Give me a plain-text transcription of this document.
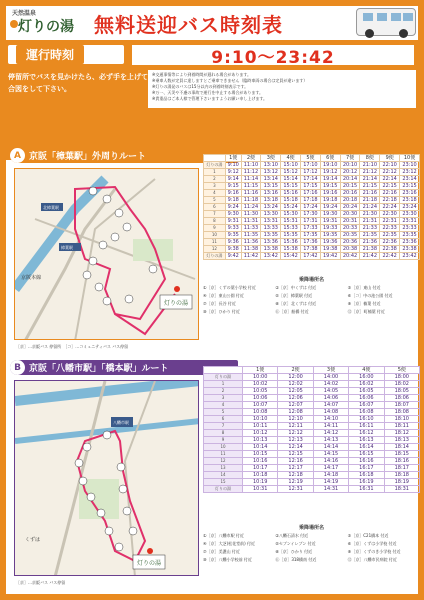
天然温泉
灯りの湯 無料送迎バス時刻表
運行時刻	9:10〜23:42
停留所でバスを見かけたら、必ず手を上げて合図をして下さい。
※交通事情等により到着時間が遅れる場合があります。
※乗車人数が定員に達しますとご乗車できません（臨時車両の場合は定員が違います）
※灯りの湯発のバスは15分以内の到着時刻表示です。
※万一、天災や不慮の事故で運行を中止する場合があります。
※貴重品はご本人様で管理下さいますようお願い申し上げます。
A 京阪「樟葉駅」外周りルート
灯りの湯
北樟葉駅
樟葉駅
京阪本線
［京］…京阪バス 停留所　［コ］…コミュニティバス バス停留
	1便	2便	3便	4便	5便	6便	7便	8便	9便	10便
灯りの湯	9:10	11:10	13:10	15:10	17:10	19:10	20:10	21:10	22:10	23:10
1	9:12	11:12	13:12	15:12	17:12	19:12	20:12	21:12	22:12	23:12
2	9:14	11:14	13:14	15:14	17:14	19:14	20:14	21:14	22:14	23:14
3	9:15	11:15	13:15	15:15	17:15	19:15	20:15	21:15	22:15	23:15
4	9:16	11:16	13:16	15:16	17:16	19:16	20:16	21:16	22:16	23:16
5	9:18	11:18	13:18	15:18	17:18	19:18	20:18	21:18	22:18	23:18
6	9:24	11:24	13:24	15:24	17:24	19:24	20:24	21:24	22:24	23:24
7	9:30	11:30	13:30	15:30	17:30	19:30	20:30	21:30	22:30	23:30
8	9:31	11:31	13:31	15:31	17:31	19:31	20:31	21:31	22:31	23:31
9	9:33	11:33	13:33	15:33	17:33	19:33	20:33	21:33	22:33	23:33
10	9:35	11:35	13:35	15:35	17:35	19:35	20:35	21:35	22:35	23:35
11	9:36	11:36	13:36	15:36	17:36	19:36	20:36	21:36	22:36	23:36
12	9:38	11:38	13:38	15:38	17:38	19:38	20:38	21:38	22:38	23:38
灯りの湯	9:42	11:42	13:42	15:42	17:42	19:42	20:42	21:42	22:42	23:42
乗降場所名
①［京］くずの葉小学校 付近	②［京］中くずは 付近	③［京］東山 付近
④［京］東山公園 付近	⑤［京］樟葉駅 付近	⑥［コ］中の池公園 付近
⑦［京］長谷 付近	⑧［京］北くずは 付近	⑨［京］楠葉 付近
⑩［京］ひかり 付近	⑪［京］船橋 付近	⑫［京］町楠葉 付近
B 京阪「八幡市駅」「橋本駅」ルート
八幡市駅
灯りの湯
くずは
［京］…京阪バス バス停留
	1便	2便	3便	4便	5便
灯りの湯	10:00	12:00	14:00	16:00	18:00
1	10:02	12:02	14:02	16:02	18:02
2	10:05	12:05	14:05	16:05	18:05
3	10:06	12:06	14:06	16:06	18:06
4	10:07	12:07	14:07	16:07	18:07
5	10:08	12:08	14:08	16:08	18:08
6	10:10	12:10	14:10	16:10	18:10
7	10:11	12:11	14:11	16:11	18:11
8	10:12	12:12	14:12	16:12	18:12
9	10:13	12:13	14:13	16:13	18:13
10	10:14	12:14	14:14	16:14	18:14
11	10:15	12:15	14:15	16:15	18:15
12	10:16	12:16	14:16	16:16	18:16
13	10:17	12:17	14:17	16:17	18:17
14	10:18	12:18	14:18	16:18	18:18
15	10:19	12:19	14:19	16:19	18:19
灯りの湯	10:31	12:31	14:31	16:31	18:31
乗降場所名
①［京］八幡市駅 付近	②八幡石清水 付近	③［京］C21橋本 付近
④［京］大芝(松花堂前) 付近	⑤セブンイレブン 付近	⑥［京］くずは小学校 付近
⑦［京］美濃山 付近	⑧［京］ひかり 付近	⑨［京］くずのき小学校 付近
⑩［京］八幡小学校前 付近	⑪［京］318橋南 付近	⑫［京］八幡市民病院 付近
